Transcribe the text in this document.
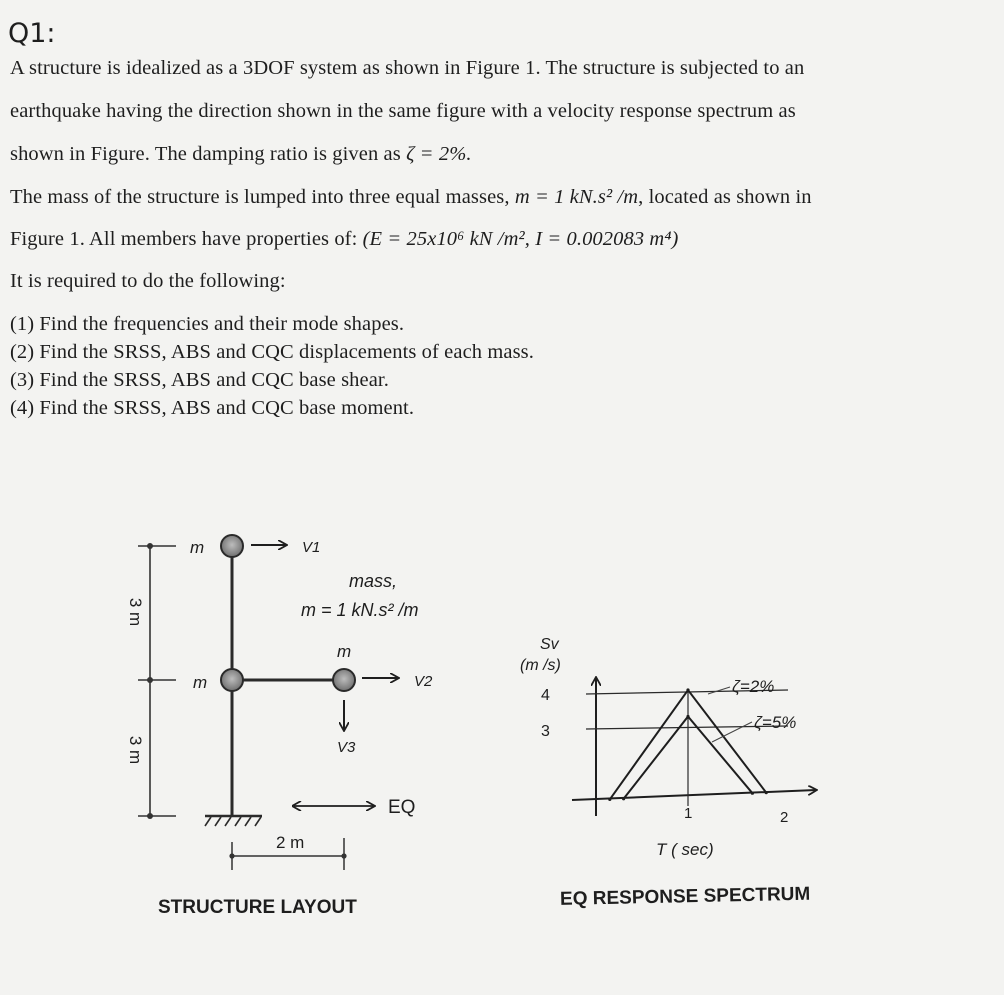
Q1:
A structure is idealized as a 3DOF system as shown in Figure 1. The structure is subjected to an
earthquake having the direction shown in the same figure with a velocity response spectrum as
shown in Figure. The damping ratio is given as ζ = 2%.
The mass of the structure is lumped into three equal masses, m = 1 kN.s² /m, located as shown in
Figure 1. All members have properties of: (E = 25x10⁶ kN /m², I = 0.002083 m⁴)
It is required to do the following:
(1) Find the frequencies and their mode shapes.
(2) Find the SRSS, ABS and CQC displacements of each mass.
(3) Find the SRSS, ABS and CQC base shear.
(4) Find the SRSS, ABS and CQC base moment.
3 m
3 m
m
m
m
V1
V2
V3
mass,
m = 1 kN.s² /m
EQ
2 m
STRUCTURE LAYOUT
Sv
(m /s)
ζ=2%
ζ=5%
4
3
1	2
T ( sec)
EQ RESPONSE SPECTRUM
